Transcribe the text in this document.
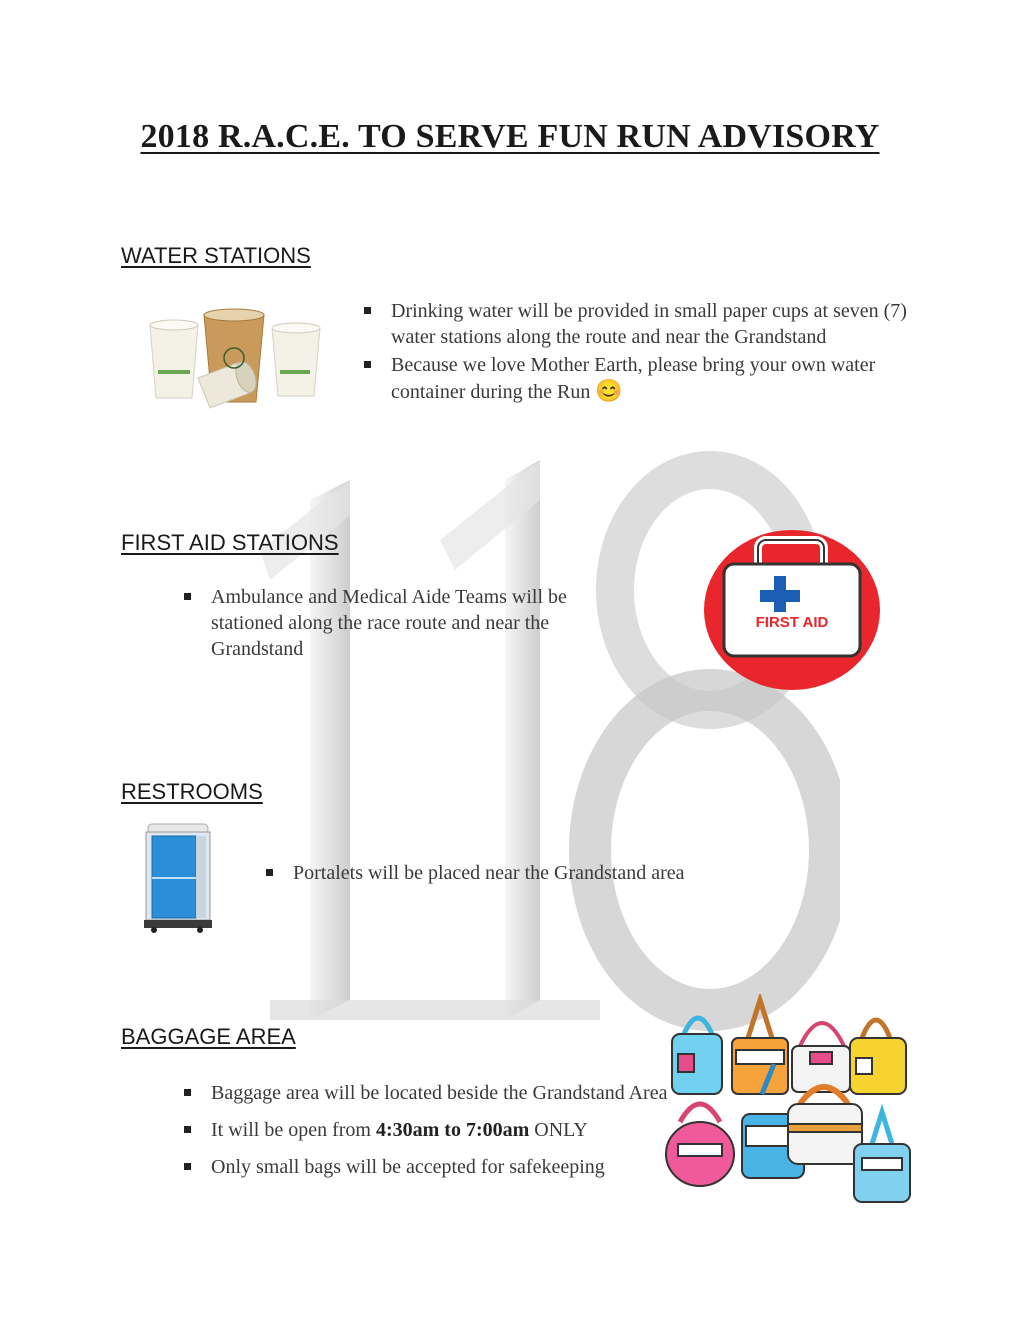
2018 R.A.C.E. TO SERVE FUN RUN ADVISORY
WATER STATIONS
Drinking water will be provided in small paper cups at seven (7) water stations along the route and near the Grandstand
Because we love Mother Earth, please bring your own water container during the Run 😊
FIRST AID STATIONS
Ambulance and Medical Aide Teams will be stationed along the race route and near the Grandstand
FIRST AID
RESTROOMS
Portalets will be placed near the Grandstand area
BAGGAGE AREA
Baggage area will be located beside the Grandstand Area
It will be open from 4:30am to 7:00am ONLY
Only small bags will be accepted for safekeeping
